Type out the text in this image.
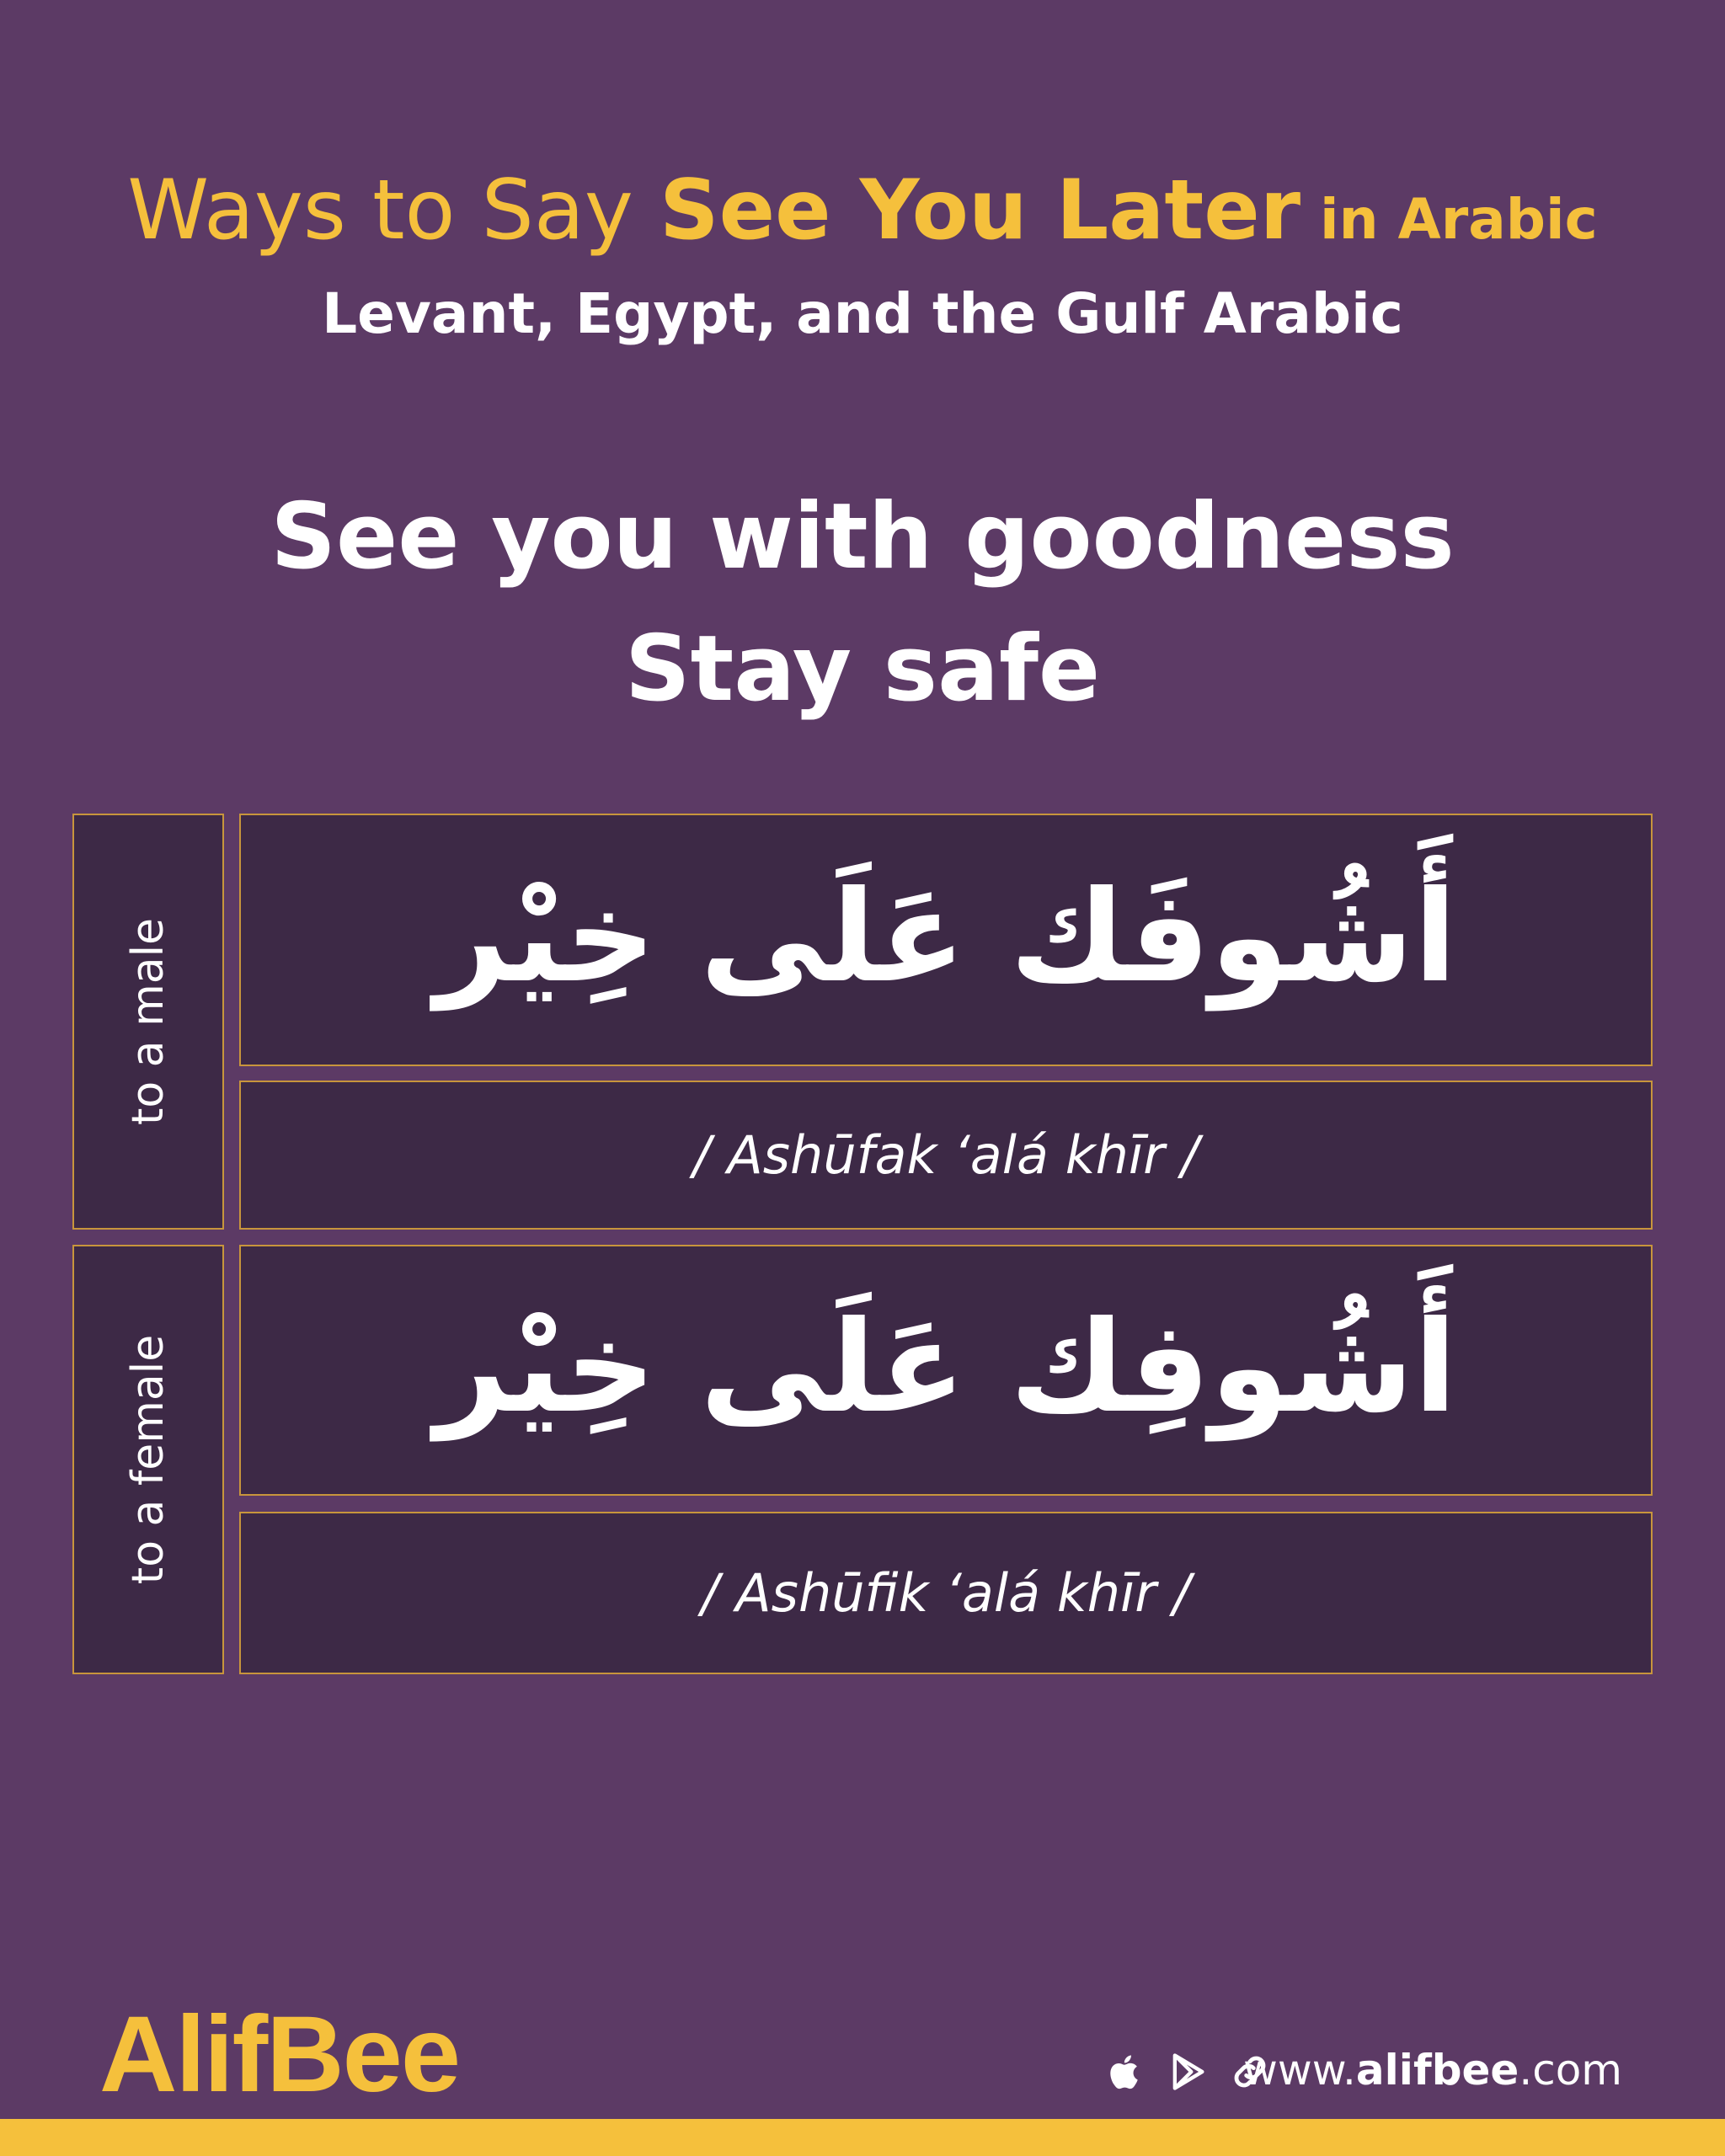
Ways to Say See You Later in Arabic
Levant, Egypt, and the Gulf Arabic
See you with goodness
Stay safe
to a male	أَشُوفَك عَلَى خِيْر
/ Ashūfak ʻalá khīr /
to a female	أَشُوفِك عَلَى خِيْر
/ Ashūfik ʻalá khīr /
AlifBee	www.alifbee.com
